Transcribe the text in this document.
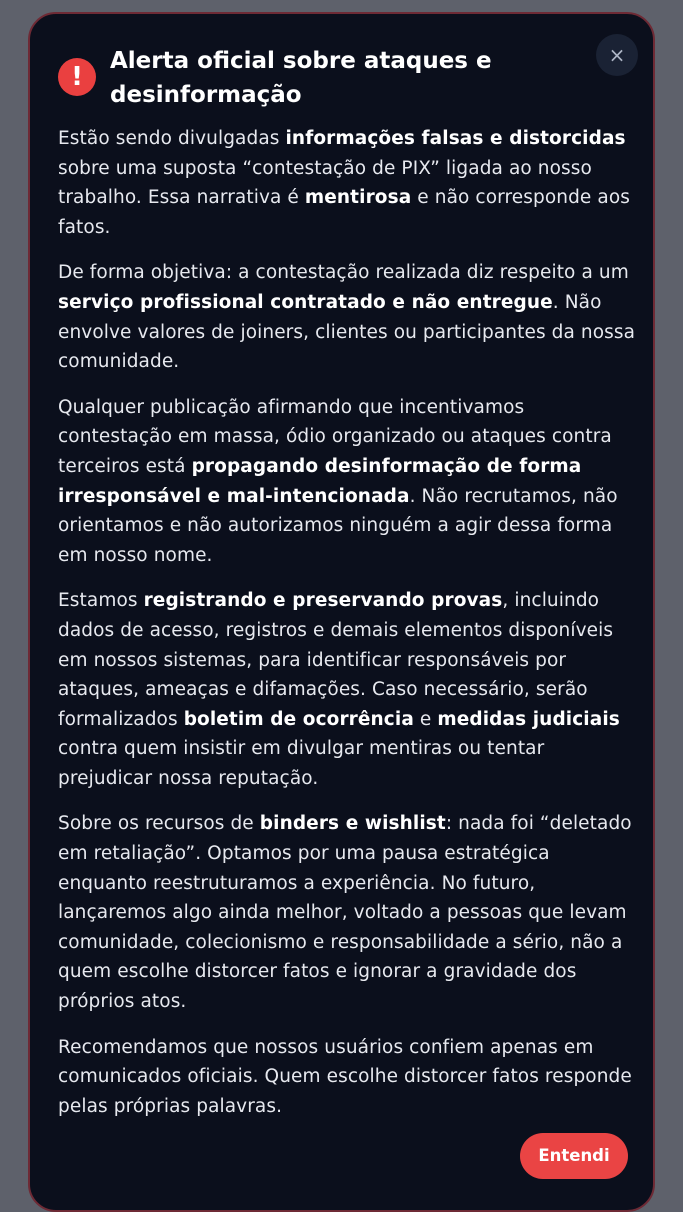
×
!
Alerta oficial sobre ataques e desinformação

Estão sendo divulgadas informações falsas e distorcidas sobre uma suposta “contestação de PIX” ligada ao nosso trabalho. Essa narrativa é mentirosa e não corresponde aos fatos.

De forma objetiva: a contestação realizada diz respeito a um serviço profissional contratado e não entregue. Não envolve valores de joiners, clientes ou participantes da nossa comunidade.

Qualquer publicação afirmando que incentivamos contestação em massa, ódio organizado ou ataques contra terceiros está propagando desinformação de forma irresponsável e mal-intencionada. Não recrutamos, não orientamos e não autorizamos ninguém a agir dessa forma em nosso nome.

Estamos registrando e preservando provas, incluindo dados de acesso, registros e demais elementos disponíveis em nossos sistemas, para identificar responsáveis por ataques, ameaças e difamações. Caso necessário, serão formalizados boletim de ocorrência e medidas judiciais contra quem insistir em divulgar mentiras ou tentar prejudicar nossa reputação.

Sobre os recursos de binders e wishlist: nada foi “deletado em retaliação”. Optamos por uma pausa estratégica enquanto reestruturamos a experiência. No futuro, lançaremos algo ainda melhor, voltado a pessoas que levam comunidade, colecionismo e responsabilidade a sério, não a quem escolhe distorcer fatos e ignorar a gravidade dos próprios atos.

Recomendamos que nossos usuários confiem apenas em comunicados oficiais. Quem escolhe distorcer fatos responde pelas próprias palavras.

Entendi
